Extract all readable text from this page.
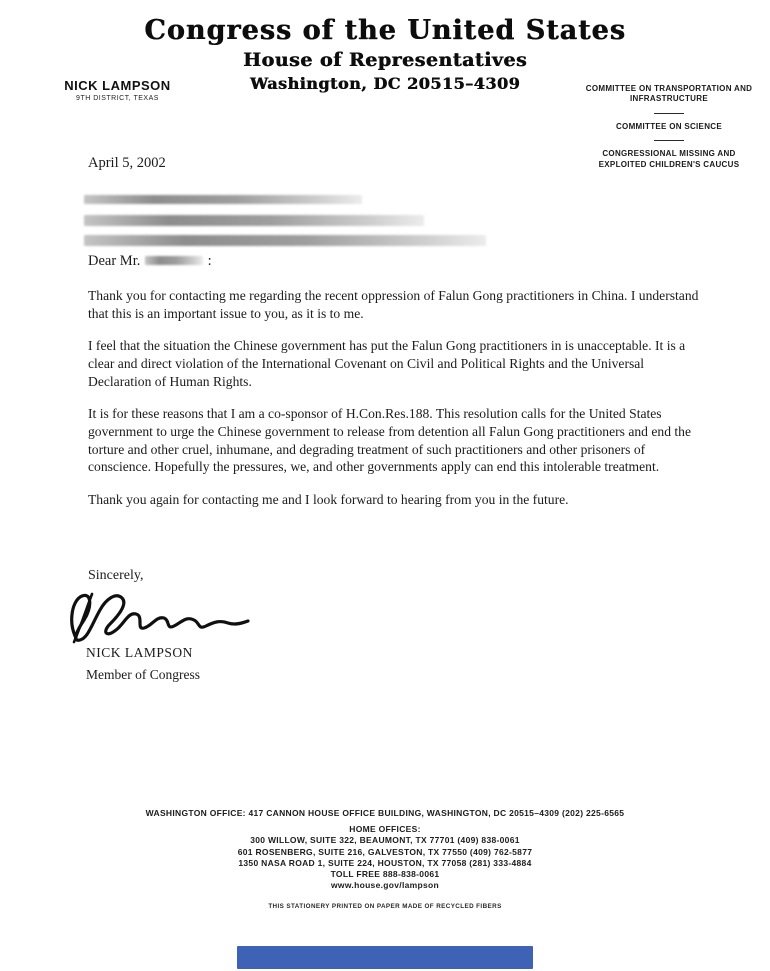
Congress of the United States
House of Representatives
Washington, DC 20515–4309
NICK LAMPSON
9TH DISTRICT, TEXAS
COMMITTEE ON TRANSPORTATION AND INFRASTRUCTURE
COMMITTEE ON SCIENCE
CONGRESSIONAL MISSING AND EXPLOITED CHILDREN'S CAUCUS
April 5, 2002
Dear Mr.	:

Thank you for contacting me regarding the recent oppression of Falun Gong practitioners in China. I understand that this is an important issue to you, as it is to me.

I feel that the situation the Chinese government has put the Falun Gong practitioners in is unacceptable. It is a clear and direct violation of the International Covenant on Civil and Political Rights and the Universal Declaration of Human Rights.

It is for these reasons that I am a co-sponsor of H.Con.Res.188. This resolution calls for the United States government to urge the Chinese government to release from detention all Falun Gong practitioners and end the torture and other cruel, inhumane, and degrading treatment of such practitioners and other prisoners of conscience. Hopefully the pressures, we, and other governments apply can end this intolerable treatment.

Thank you again for contacting me and I look forward to hearing from you in the future.

Sincerely,
NICK LAMPSON
Member of Congress
WASHINGTON OFFICE: 417 CANNON HOUSE OFFICE BUILDING, WASHINGTON, DC 20515–4309 (202) 225-6565
HOME OFFICES:
300 WILLOW, SUITE 322, BEAUMONT, TX 77701 (409) 838-0061
601 ROSENBERG, SUITE 216, GALVESTON, TX 77550 (409) 762-5877
1350 NASA ROAD 1, SUITE 224, HOUSTON, TX 77058 (281) 333-4884
TOLL FREE 888-838-0061
www.house.gov/lampson
THIS STATIONERY PRINTED ON PAPER MADE OF RECYCLED FIBERS
